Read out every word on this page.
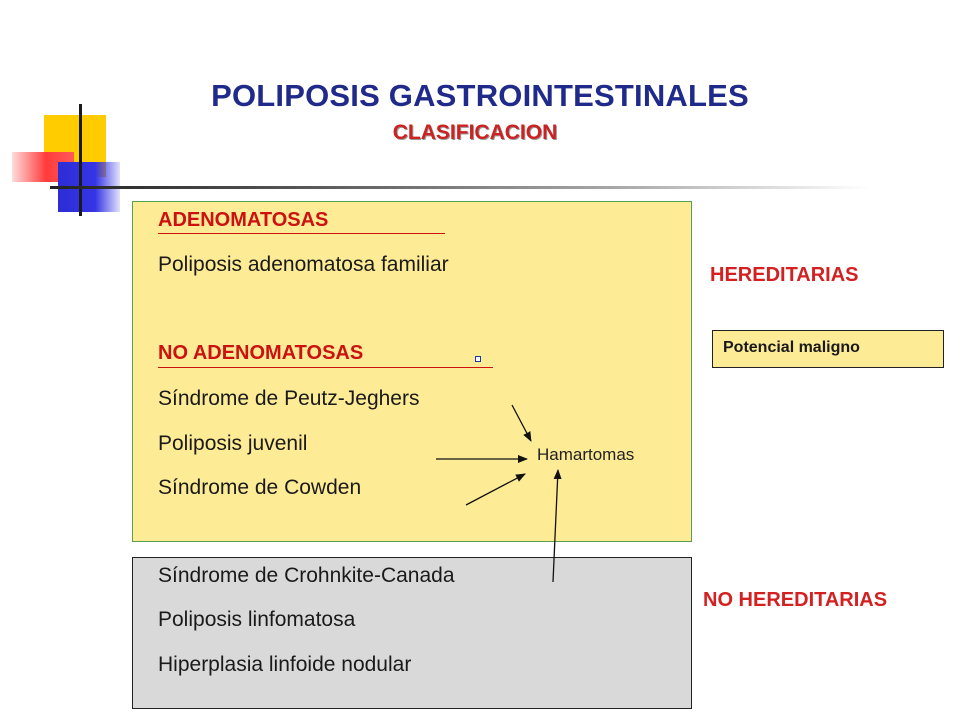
POLIPOSIS GASTROINTESTINALES
CLASIFICACION
ADENOMATOSAS
Poliposis adenomatosa familiar
NO ADENOMATOSAS
Síndrome de Peutz-Jeghers
Poliposis juvenil
Síndrome de Cowden
Síndrome de Crohnkite-Canada
Poliposis linfomatosa
Hiperplasia linfoide nodular
HEREDITARIAS
Potencial maligno
NO HEREDITARIAS
Hamartomas
